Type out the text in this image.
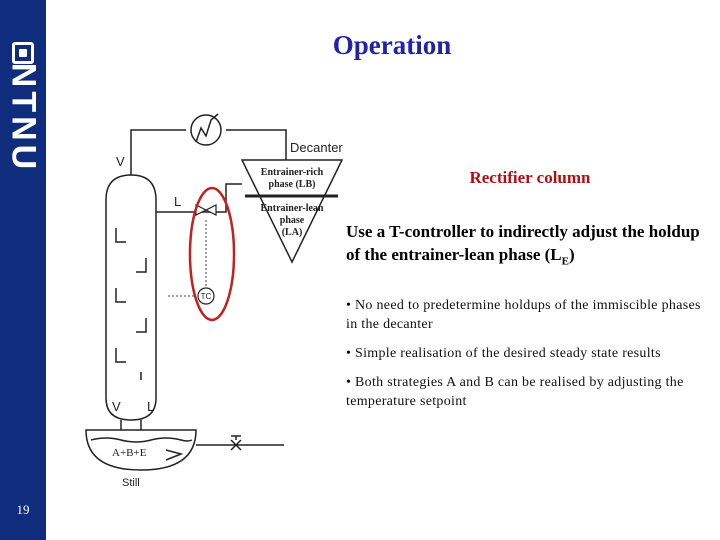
NTNU
19
Operation
V
L
Decanter
Entrainer-rich
phase (LB)
Entrainer-lean
phase
(LA)
TC
V L
A+B+E
Still
Rectifier column
Use a T-controller to indirectly adjust the holdup of the entrainer-lean phase $(L_E)$
• No need to predetermine holdups of the immiscible phases in the decanter
• Simple realisation of the desired steady state results
• Both strategies A and B can be realised by adjusting the temperature setpoint
